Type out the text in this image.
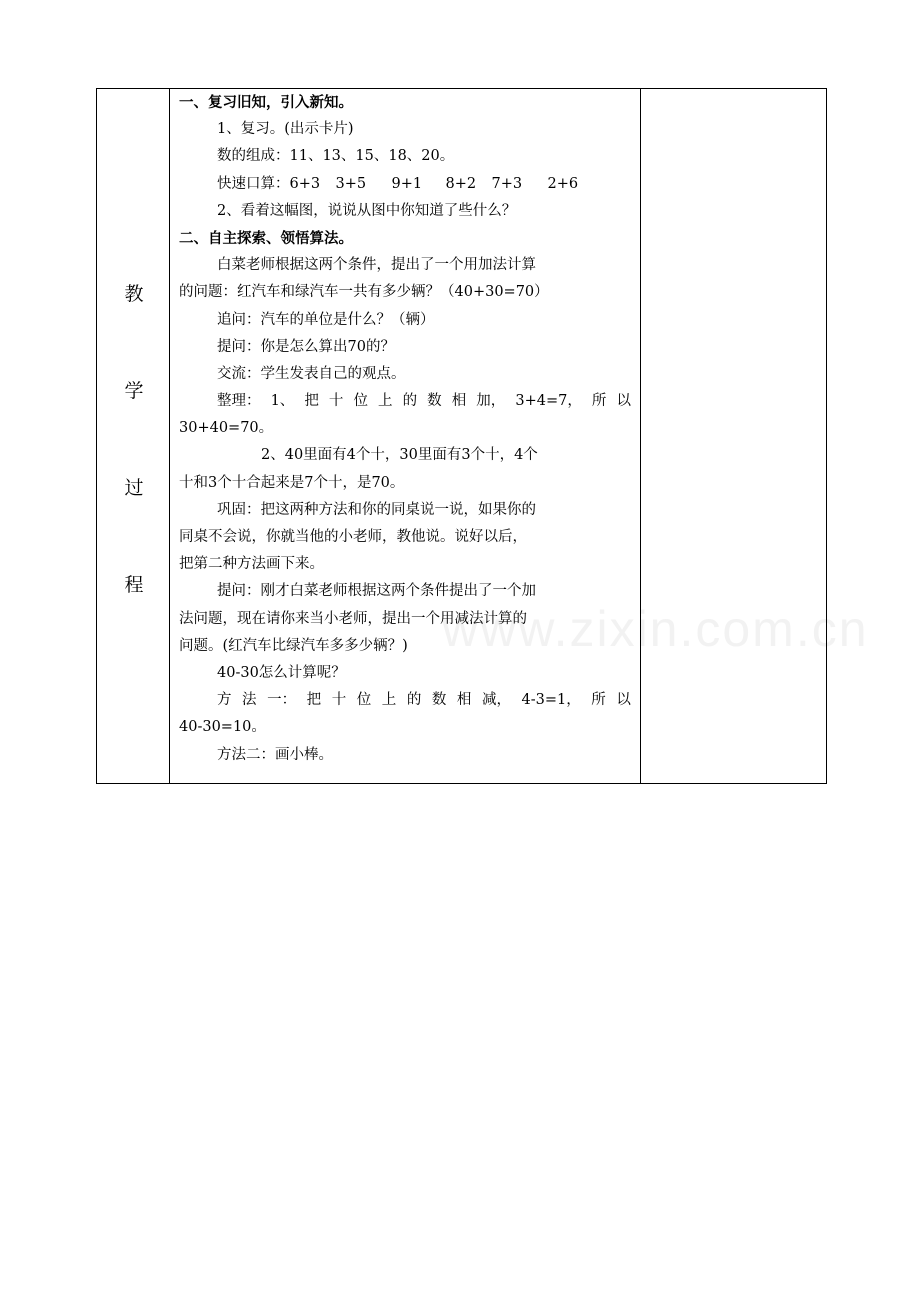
www.zixin.com.cn
教
学
过
程
一、复习旧知，引入新知。
1、复习。(出示卡片)
数的组成：11、13、15、18、20。
快速口算：6+3 3+5 9+1 8+2 7+3 2+6
2、看着这幅图，说说从图中你知道了些什么？
二、自主探索、领悟算法。
白菜老师根据这两个条件，提出了一个用加法计算
的问题：红汽车和绿汽车一共有多少辆？（40+30=70）
追问：汽车的单位是什么？（辆）
提问：你是怎么算出70的？
交流：学生发表自己的观点。
整理： 1、 把 十 位 上 的 数 相 加， 3+4=7， 所 以
30+40=70。
2、40里面有4个十，30里面有3个十，4个
十和3个十合起来是7个十，是70。
巩固：把这两种方法和你的同桌说一说，如果你的
同桌不会说，你就当他的小老师，教他说。说好以后，
把第二种方法画下来。
提问：刚才白菜老师根据这两个条件提出了一个加
法问题，现在请你来当小老师，提出一个用减法计算的
问题。(红汽车比绿汽车多多少辆？)
40-30怎么计算呢？
方 法 一： 把 十 位 上 的 数 相 减， 4-3=1， 所 以
40-30=10。
方法二：画小棒。
